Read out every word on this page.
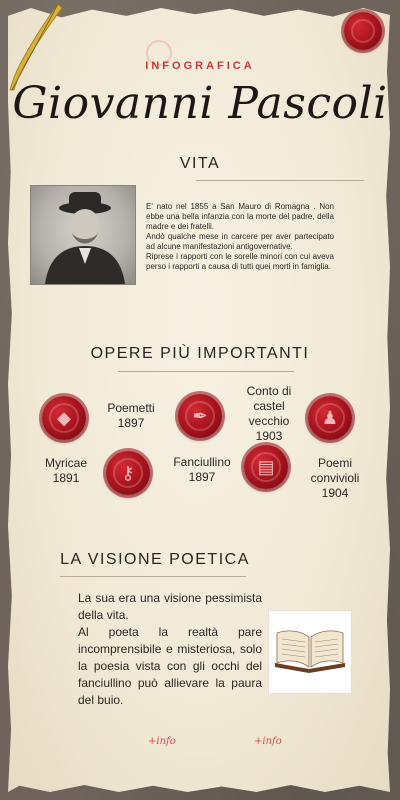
INFOGRAFICA
Giovanni Pascoli
VITA

E' nato nel 1855 a San Mauro di Romagna . Non ebbe una bella infanzia con la morte del padre, della madre e dei fratelli.

Andò qualche mese in carcere per aver partecipato ad alcune manifestazioni antigovernative.

Riprese i rapporti con le sorelle minori con cui aveva perso i rapporti a causa di tutti quei morti in famiglia.

OPERE PIÙ IMPORTANTI
◆
⚷
✒
▤
♟
Poemetti
1897
Myricae
1891
Fanciullino
1897
Conto di
castel
vecchio
1903
Poemi
convivioli
1904
LA VISIONE POETICA

La sua era una visione pessimista della vita.

Al poeta la realtà pare incomprensibile e misteriosa, solo la poesia vista con gli occhi del fanciullino può allievare la paura del buio.

+info	+info
